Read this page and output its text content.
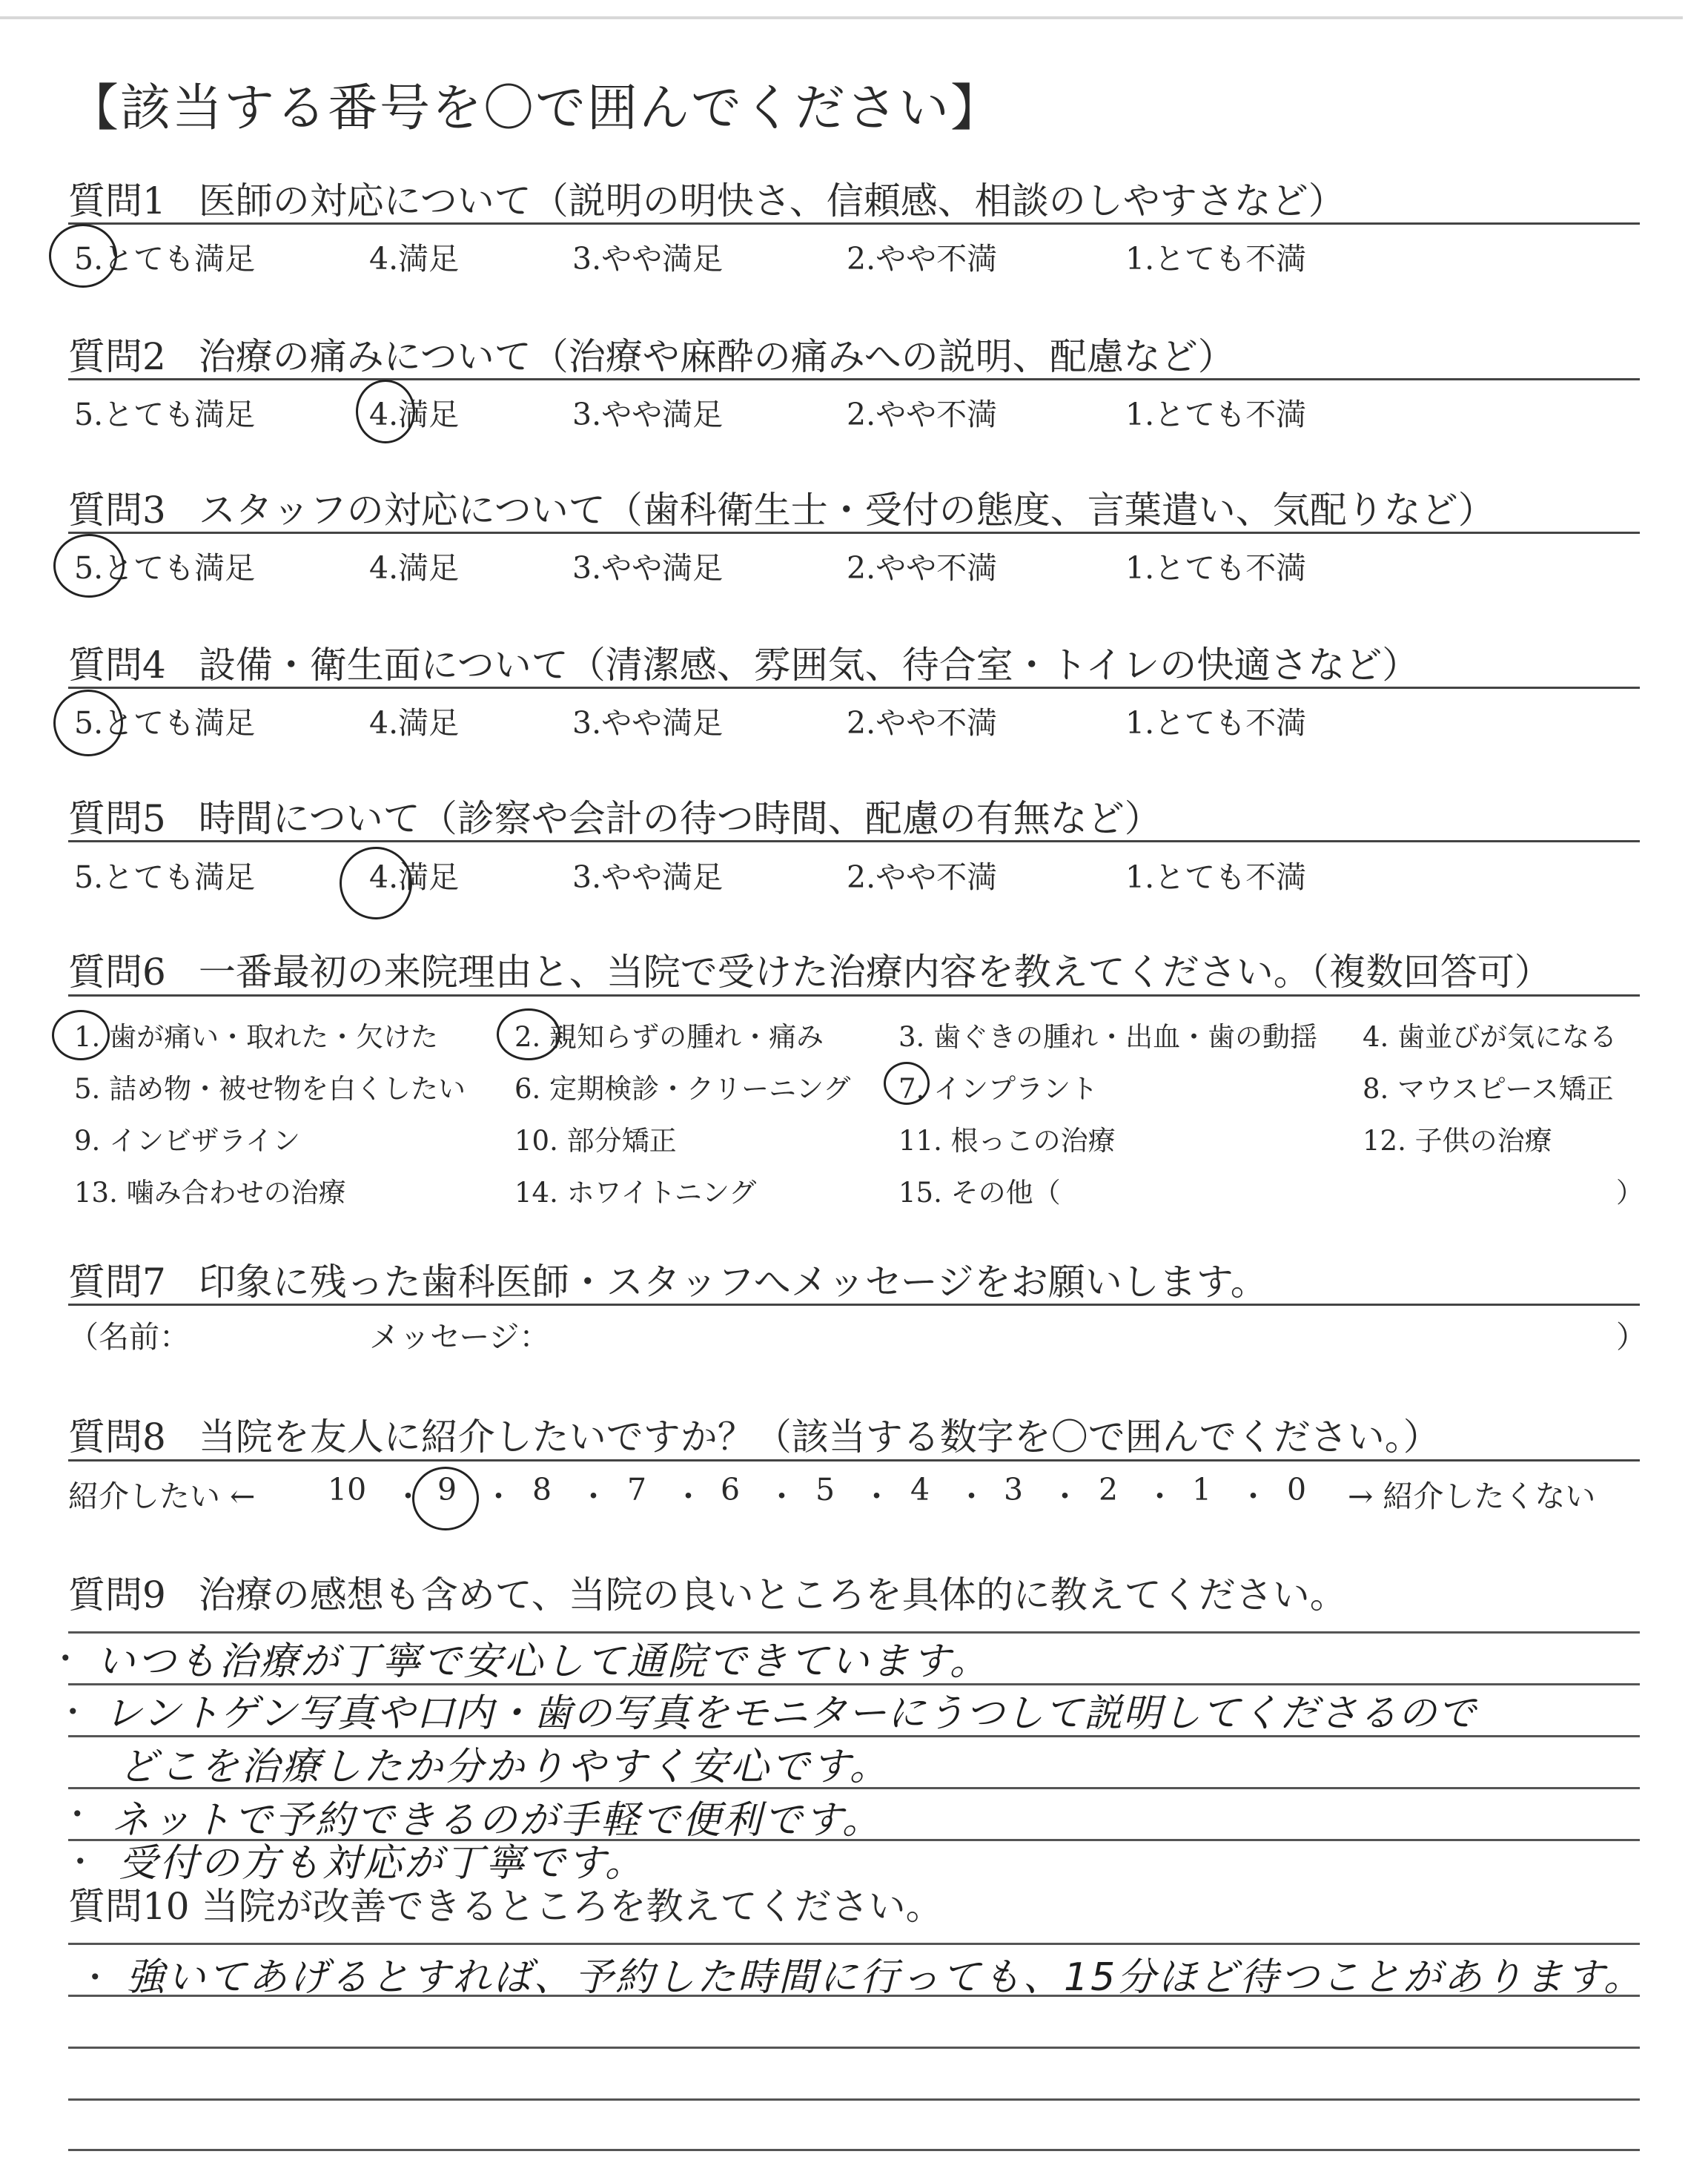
【該当する番号を〇で囲んでください】
質問1 医師の対応について（説明の明快さ、信頼感、相談のしやすさなど）
5.とても満足	4.満足	3.やや満足	2.やや不満	1.とても不満
質問2 治療の痛みについて（治療や麻酔の痛みへの説明、配慮など）
5.とても満足	4.満足	3.やや満足	2.やや不満	1.とても不満
質問3 スタッフの対応について（歯科衛生士・受付の態度、言葉遣い、気配りなど）
5.とても満足	4.満足	3.やや満足	2.やや不満	1.とても不満
質問4 設備・衛生面について（清潔感、雰囲気、待合室・トイレの快適さなど）
5.とても満足	4.満足	3.やや満足	2.やや不満	1.とても不満
質問5 時間について（診察や会計の待つ時間、配慮の有無など）
5.とても満足	4.満足	3.やや満足	2.やや不満	1.とても不満
質問6 一番最初の来院理由と、当院で受けた治療内容を教えてください。（複数回答可）
1. 歯が痛い・取れた・欠けた	2. 親知らずの腫れ・痛み	3. 歯ぐきの腫れ・出血・歯の動揺 4. 歯並びが気になる
5. 詰め物・被せ物を白くしたい 6. 定期検診・クリーニング 7. インプラント	8. マウスピース矯正
9. インビザライン	10. 部分矯正	11. 根っこの治療	12. 子供の治療
13. 噛み合わせの治療	14. ホワイトニング	15. その他（	）
質問7 印象に残った歯科医師・スタッフへメッセージをお願いします。
（名前：	メッセージ：	）
質問8 当院を友人に紹介したいですか？（該当する数字を〇で囲んでください。）
紹介したい ← 10 ・ 9 ・ 8 ・ 7 ・ 6 ・ 5 ・ 4 ・ 3 ・ 2 ・ 1 ・ 0 → 紹介したくない
質問9 治療の感想も含めて、当院の良いところを具体的に教えてください。
• いつも治療が丁寧で安心して通院できています。
• レントゲン写真や口内・歯の写真をモニターにうつして説明してくださるので
どこを治療したか分かりやすく安心です。
• ネットで予約できるのが手軽で便利です。
• 受付の方も対応が丁寧です。
質問10 当院が改善できるところを教えてください。
• 強いてあげるとすれば、予約した時間に行っても、15分ほど待つことがあります。
